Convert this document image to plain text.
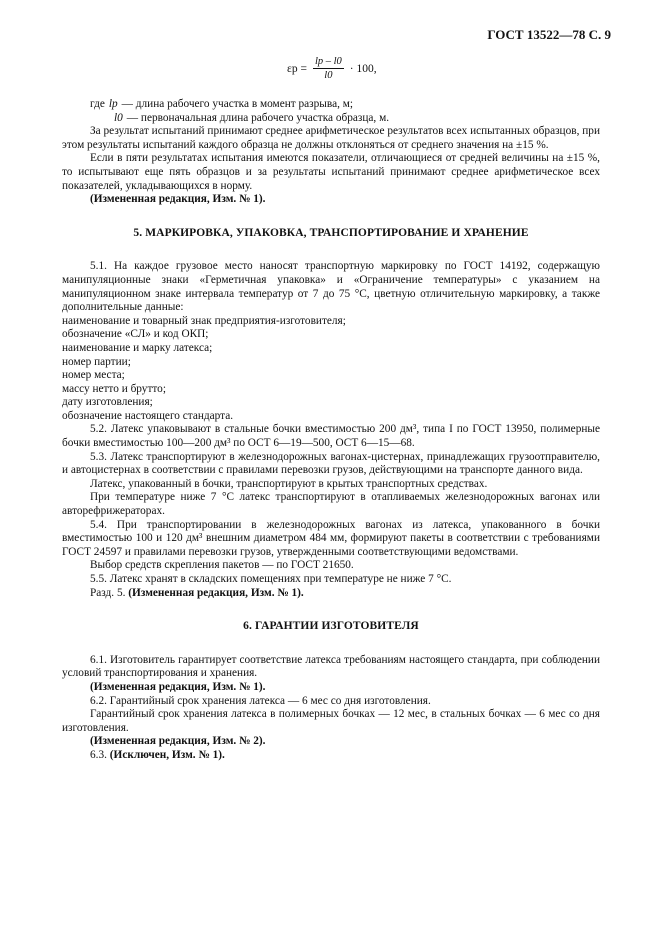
ГОСТ 13522—78 С. 9
$\varepsilon р = \frac{lр - l0}{l0} \cdot 100$,
где lр — длина рабочего участка в момент разрыва, м;
l0 — первоначальная длина рабочего участка образца, м.

За результат испытаний принимают среднее арифметическое результатов всех испытанных образцов, при этом результаты испытаний каждого образца не должны отклоняться от среднего значения на ±15 %.

Если в пяти результатах испытания имеются показатели, отличающиеся от средней величины на ±15 %, то испытывают еще пять образцов и за результаты испытаний принимают среднее арифметическое всех показателей, укладывающихся в норму.

(Измененная редакция, Изм. № 1).

5. МАРКИРОВКА, УПАКОВКА, ТРАНСПОРТИРОВАНИЕ И ХРАНЕНИЕ

5.1. На каждое грузовое место наносят транспортную маркировку по ГОСТ 14192, содержащую манипуляционные знаки «Герметичная упаковка» и «Ограничение температуры» с указанием на манипуляционном знаке интервала температур от 7 до 75 °С, цветную отличительную маркировку, а также дополнительные данные:

наименование и товарный знак предприятия-изготовителя;
обозначение «СЛ» и код ОКП;
наименование и марку латекса;
номер партии;
номер места;
массу нетто и брутто;
дату изготовления;
обозначение настоящего стандарта.

5.2. Латекс упаковывают в стальные бочки вместимостью 200 дм³, типа I по ГОСТ 13950, полимерные бочки вместимостью 100—200 дм³ по ОСТ 6—19—500, ОСТ 6—15—68.

5.3. Латекс транспортируют в железнодорожных вагонах-цистернах, принадлежащих грузоотправителю, и автоцистернах в соответствии с правилами перевозки грузов, действующими на транспорте данного вида.

Латекс, упакованный в бочки, транспортируют в крытых транспортных средствах.

При температуре ниже 7 °С латекс транспортируют в отапливаемых железнодорожных вагонах или авторефрижераторах.

5.4. При транспортировании в железнодорожных вагонах из латекса, упакованного в бочки вместимостью 100 и 120 дм³ внешним диаметром 484 мм, формируют пакеты в соответствии с требованиями ГОСТ 24597 и правилами перевозки грузов, утвержденными соответствующими ведомствами.

Выбор средств скрепления пакетов — по ГОСТ 21650.

5.5. Латекс хранят в складских помещениях при температуре не ниже 7 °С.

Разд. 5. (Измененная редакция, Изм. № 1).

6. ГАРАНТИИ ИЗГОТОВИТЕЛЯ

6.1. Изготовитель гарантирует соответствие латекса требованиям настоящего стандарта, при соблюдении условий транспортирования и хранения.

(Измененная редакция, Изм. № 1).

6.2. Гарантийный срок хранения латекса — 6 мес со дня изготовления.

Гарантийный срок хранения латекса в полимерных бочках — 12 мес, в стальных бочках — 6 мес со дня изготовления.

(Измененная редакция, Изм. № 2).

6.3. (Исключен, Изм. № 1).
